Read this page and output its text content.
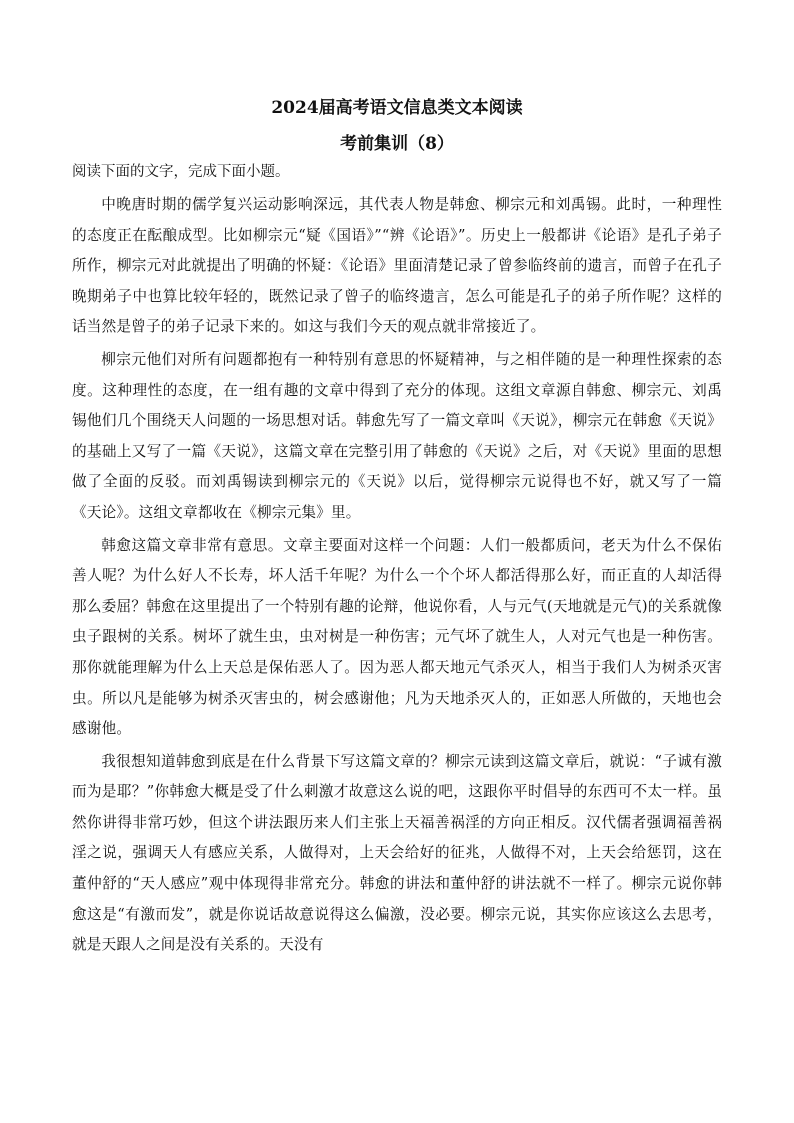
2024届高考语文信息类文本阅读
考前集训（8）

阅读下面的文字，完成下面小题。

中晚唐时期的儒学复兴运动影响深远，其代表人物是韩愈、柳宗元和刘禹锡。此时，一种理性的态度正在酝酿成型。比如柳宗元“疑《国语》”“辨《论语》”。历史上一般都讲《论语》是孔子弟子所作，柳宗元对此就提出了明确的怀疑：《论语》里面清楚记录了曾参临终前的遗言，而曾子在孔子晚期弟子中也算比较年轻的，既然记录了曾子的临终遗言，怎么可能是孔子的弟子所作呢？这样的话当然是曾子的弟子记录下来的。如这与我们今天的观点就非常接近了。

柳宗元他们对所有问题都抱有一种特别有意思的怀疑精神，与之相伴随的是一种理性探索的态度。这种理性的态度，在一组有趣的文章中得到了充分的体现。这组文章源自韩愈、柳宗元、刘禹锡他们几个围绕天人问题的一场思想对话。韩愈先写了一篇文章叫《天说》，柳宗元在韩愈《天说》的基础上又写了一篇《天说》，这篇文章在完整引用了韩愈的《天说》之后，对《天说》里面的思想做了全面的反驳。而刘禹锡读到柳宗元的《天说》以后，觉得柳宗元说得也不好，就又写了一篇《天论》。这组文章都收在《柳宗元集》里。

韩愈这篇文章非常有意思。文章主要面对这样一个问题：人们一般都质问，老天为什么不保佑善人呢？为什么好人不长寿，坏人活千年呢？为什么一个个坏人都活得那么好，而正直的人却活得那么委屈？韩愈在这里提出了一个特别有趣的论辩，他说你看，人与元气(天地就是元气)的关系就像虫子跟树的关系。树坏了就生虫，虫对树是一种伤害；元气坏了就生人，人对元气也是一种伤害。那你就能理解为什么上天总是保佑恶人了。因为恶人都天地元气杀灭人，相当于我们人为树杀灭害虫。所以凡是能够为树杀灭害虫的，树会感谢他；凡为天地杀灭人的，正如恶人所做的，天地也会感谢他。

我很想知道韩愈到底是在什么背景下写这篇文章的？柳宗元读到这篇文章后，就说：“子诚有激而为是耶？”你韩愈大概是受了什么刺激才故意这么说的吧，这跟你平时倡导的东西可不太一样。虽然你讲得非常巧妙，但这个讲法跟历来人们主张上天福善祸淫的方向正相反。汉代儒者强调福善祸淫之说，强调天人有感应关系，人做得对，上天会给好的征兆，人做得不对，上天会给惩罚，这在董仲舒的“天人感应”观中体现得非常充分。韩愈的讲法和董仲舒的讲法就不一样了。柳宗元说你韩愈这是“有激而发”，就是你说话故意说得这么偏激，没必要。柳宗元说，其实你应该这么去思考，就是天跟人之间是没有关系的。天没有
